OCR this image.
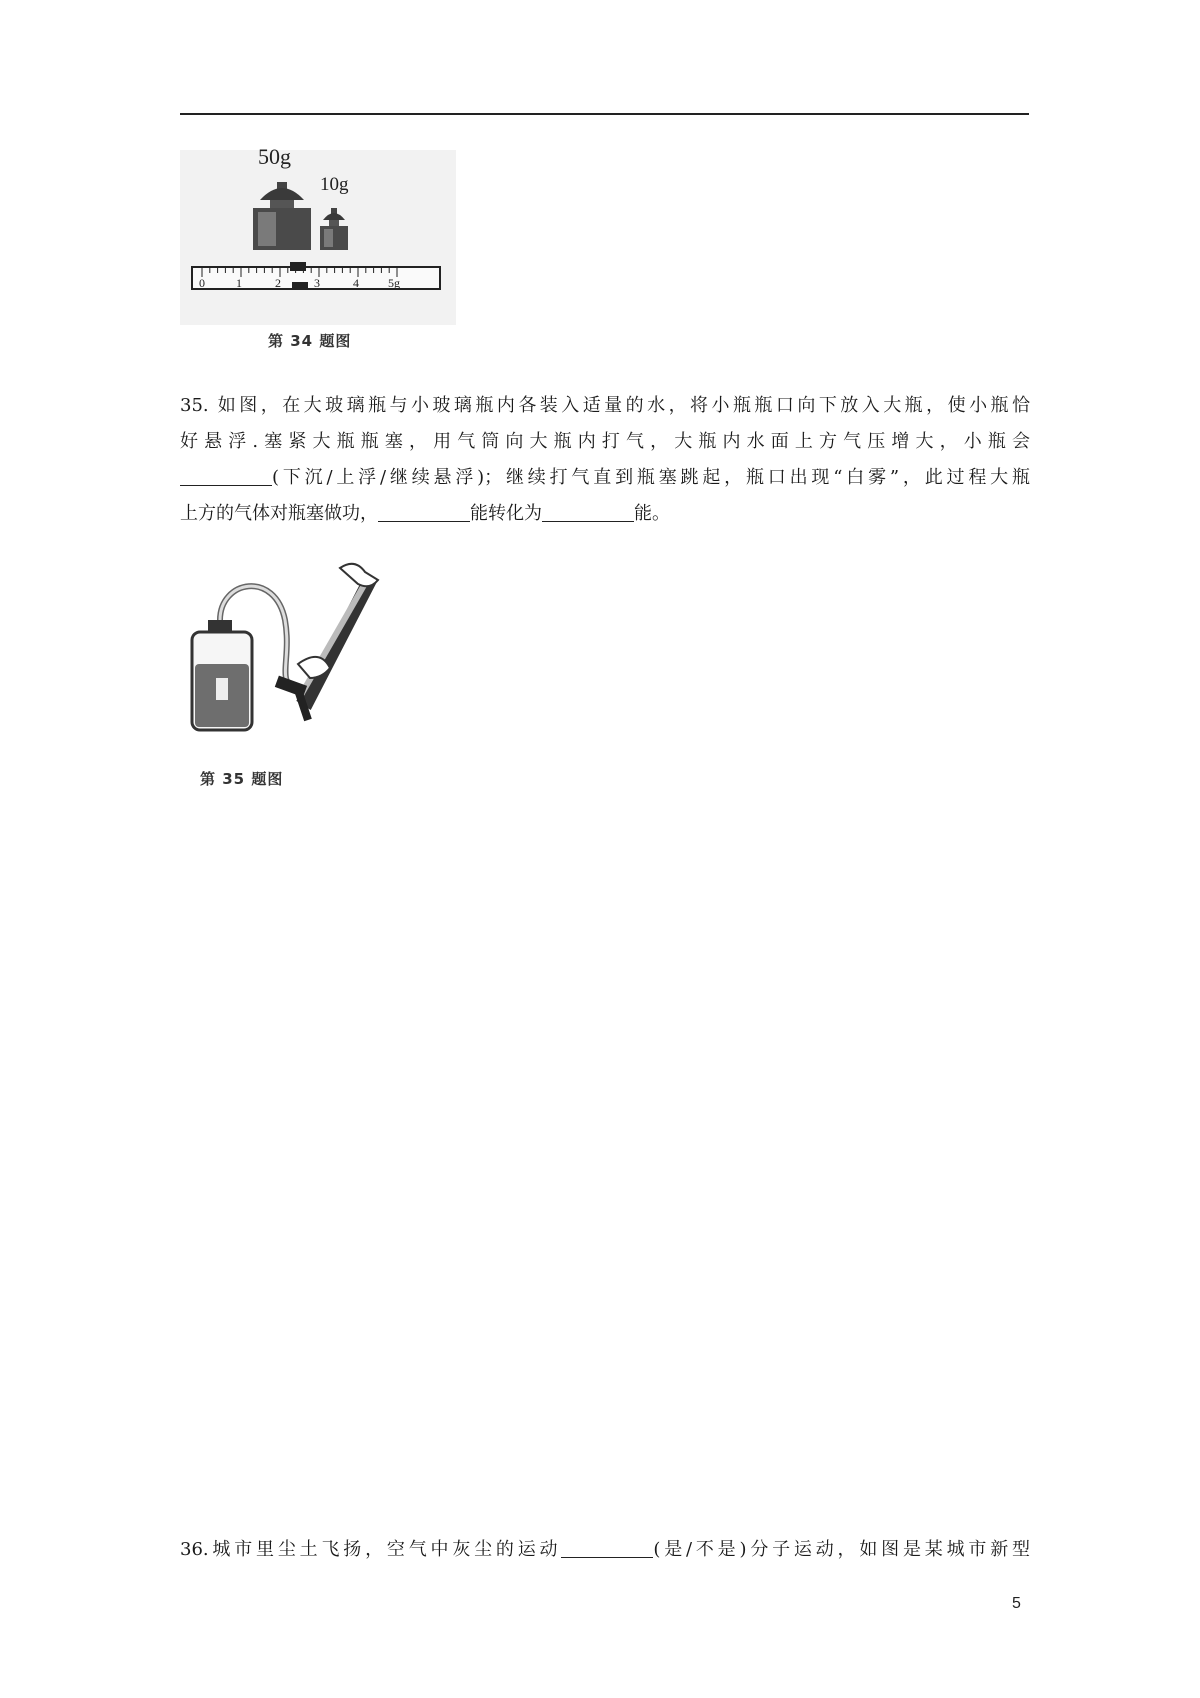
50g
10g
0	1	2	3	4 5g
第 34 题图
35. 如图，在大玻璃瓶与小玻璃瓶内各装入适量的水，将小瓶瓶口向下放入大瓶，使小瓶恰
好悬浮.塞紧大瓶瓶塞，用气筒向大瓶内打气，大瓶内水面上方气压增大，小瓶会
(下沉/上浮/继续悬浮)；继续打气直到瓶塞跳起，瓶口出现“白雾”，此过程大瓶
上方的气体对瓶塞做功，	能转化为	能。
第 35 题图
36.城市里尘土飞扬，空气中灰尘的运动	(是/不是)分子运动，如图是某城市新型
5
